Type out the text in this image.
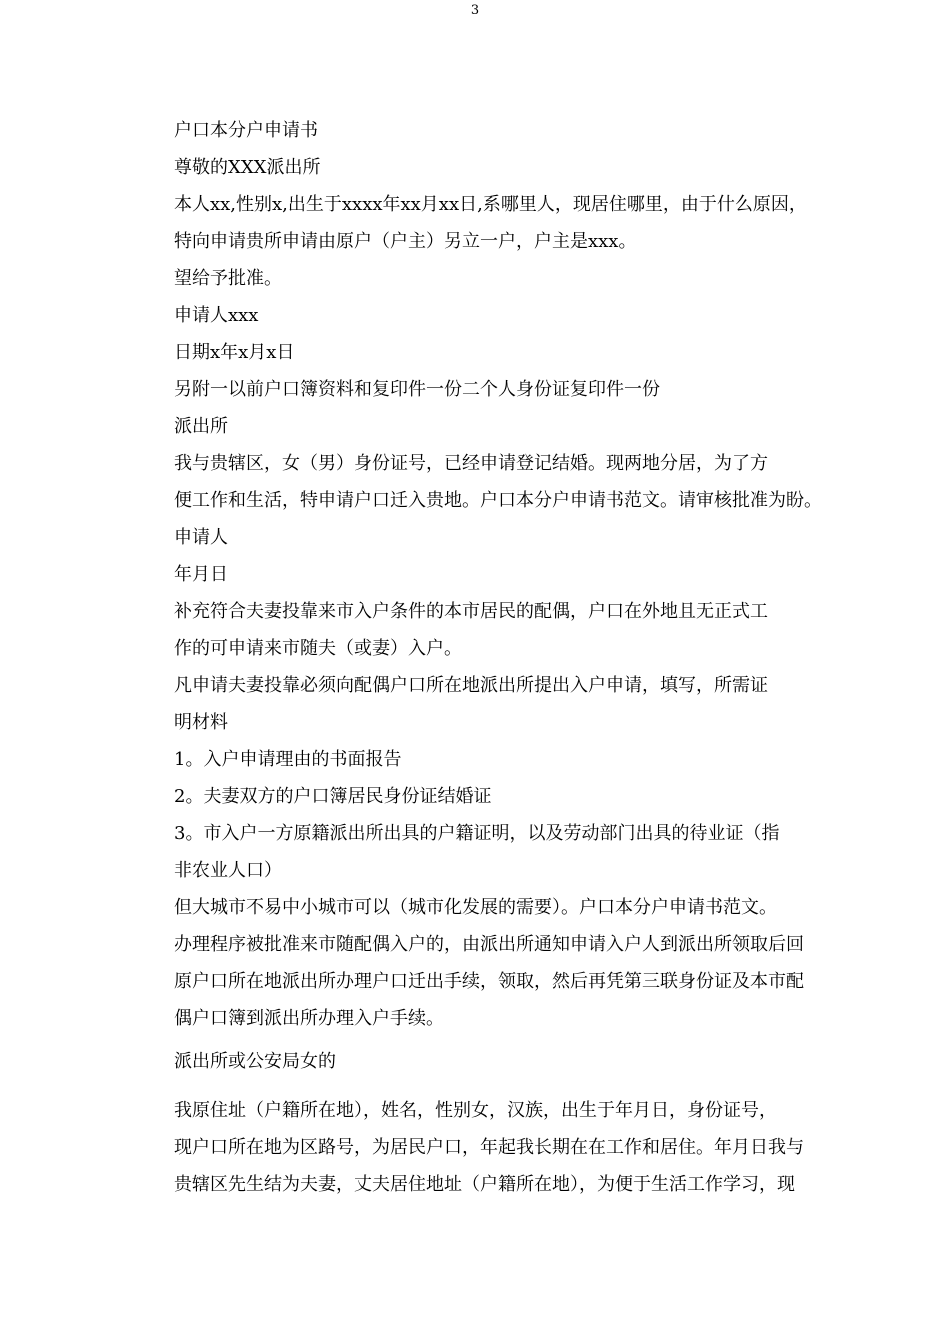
3
户口本分户申请书
尊敬的XXX派出所
本人xx,性别x,出生于xxxx年xx月xx日,系哪里人，现居住哪里，由于什么原因，
特向申请贵所申请由原户（户主）另立一户，户主是xxx。
望给予批准。
申请人xxx
日期x年x月x日
另附一以前户口簿资料和复印件一份二个人身份证复印件一份
派出所
我与贵辖区，女（男）身份证号，已经申请登记结婚。现两地分居，为了方
便工作和生活，特申请户口迁入贵地。户口本分户申请书范文。请审核批准为盼。
申请人
年月日
补充符合夫妻投靠来市入户条件的本市居民的配偶，户口在外地且无正式工
作的可申请来市随夫（或妻）入户。
凡申请夫妻投靠必须向配偶户口所在地派出所提出入户申请，填写，所需证
明材料
1。入户申请理由的书面报告
2。夫妻双方的户口簿居民身份证结婚证
3。市入户一方原籍派出所出具的户籍证明，以及劳动部门出具的待业证（指
非农业人口）
但大城市不易中小城市可以（城市化发展的需要）。户口本分户申请书范文。
办理程序被批准来市随配偶入户的，由派出所通知申请入户人到派出所领取后回
原户口所在地派出所办理户口迁出手续，领取，然后再凭第三联身份证及本市配
偶户口簿到派出所办理入户手续。
派出所或公安局女的
我原住址（户籍所在地），姓名，性别女，汉族，出生于年月日，身份证号，
现户口所在地为区路号，为居民户口，年起我长期在在工作和居住。年月日我与
贵辖区先生结为夫妻，丈夫居住地址（户籍所在地），为便于生活工作学习，现
